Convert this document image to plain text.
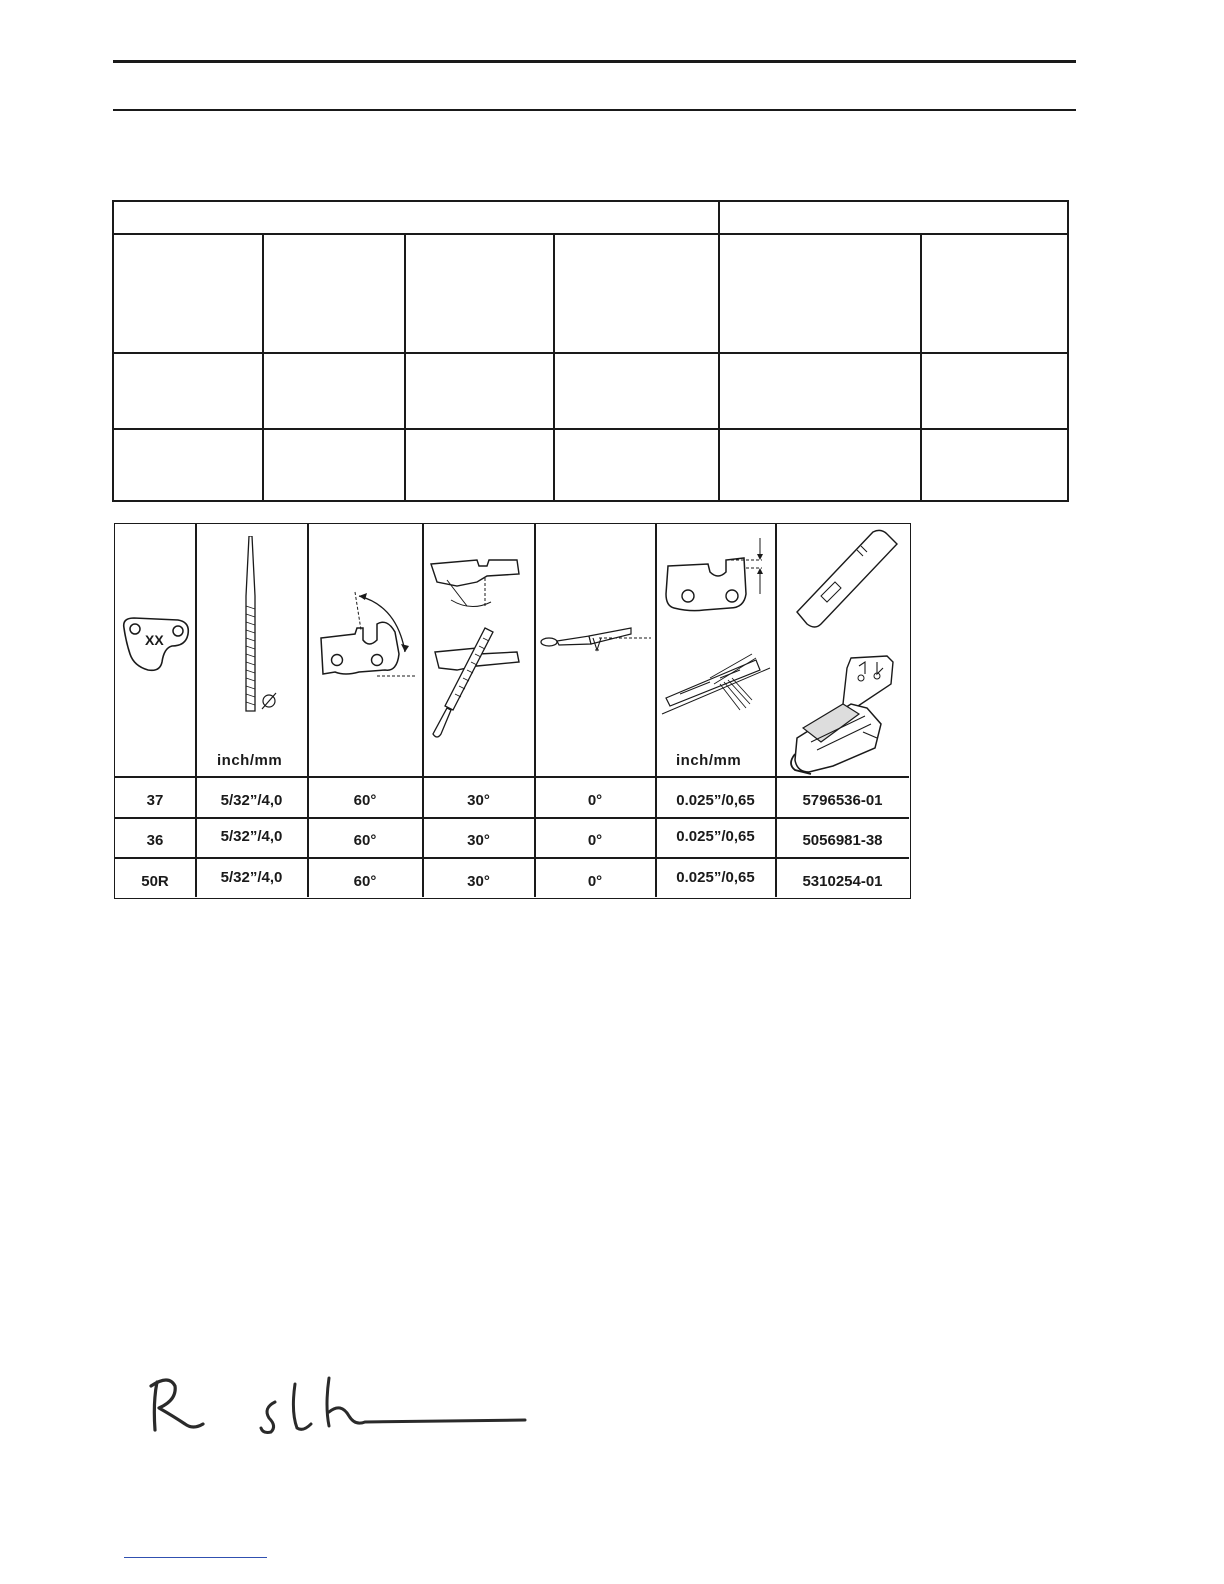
XX
inch/mm	inch/mm
37	5/32”/4,0	60°	30°	0°	0.025”/0,65	5796536-01
36	5/32”/4,0	60°	30°	0°	0.025”/0,65	5056981-38
50R	5/32”/4,0	60°	30°	0°	0.025”/0,65	5310254-01
